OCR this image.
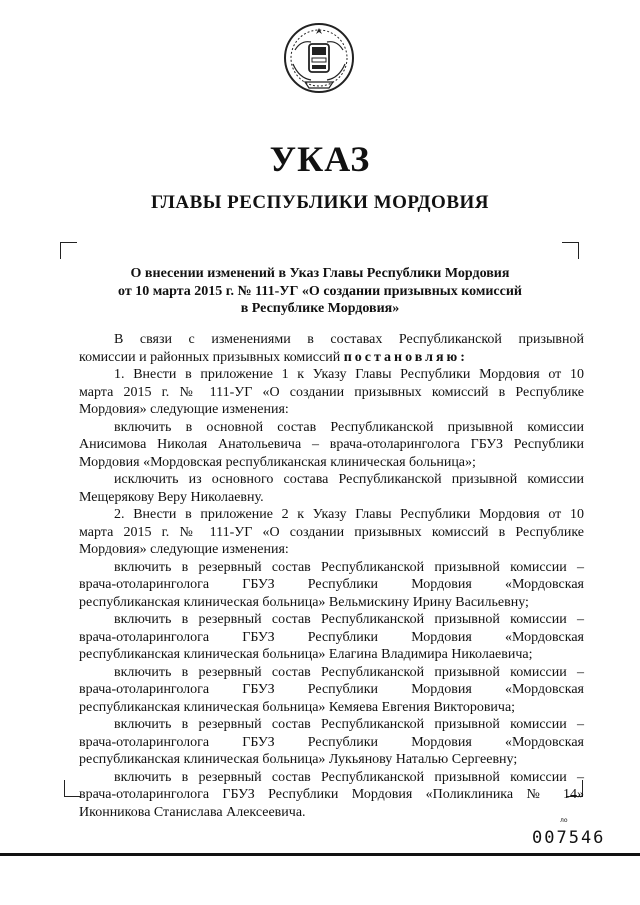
УКАЗ
ГЛАВЫ РЕСПУБЛИКИ МОРДОВИЯ
О внесении изменений в Указ Главы Республики Мордовия
от 10 марта 2015 г. № 111-УГ «О создании призывных комиссий
в Республике Мордовия»
В связи с изменениями в составах Республиканской призывной
комиссии и районных призывных комиссий постановляю:
1. Внести в приложение 1 к Указу Главы Республики Мордовия от 10
марта 2015 г. № 111-УГ «О создании призывных комиссий в Республике
Мордовия» следующие изменения:
включить в основной состав Республиканской призывной комиссии
Анисимова Николая Анатольевича – врача-отоларинголога ГБУЗ Республики
Мордовия «Мордовская республиканская клиническая больница»;
исключить из основного состава Республиканской призывной комиссии
Мещерякову Веру Николаевну.
2. Внести в приложение 2 к Указу Главы Республики Мордовия от 10
марта 2015 г. № 111-УГ «О создании призывных комиссий в Республике
Мордовия» следующие изменения:
включить в резервный состав Республиканской призывной комиссии –
врача-отоларинголога ГБУЗ Республики Мордовия «Мордовская
республиканская клиническая больница» Вельмискину Ирину Васильевну;
включить в резервный состав Республиканской призывной комиссии –
врача-отоларинголога ГБУЗ Республики Мордовия «Мордовская
республиканская клиническая больница» Елагина Владимира Николаевича;
включить в резервный состав Республиканской призывной комиссии –
врача-отоларинголога ГБУЗ Республики Мордовия «Мордовская
республиканская клиническая больница» Кемяева Евгения Викторовича;
включить в резервный состав Республиканской призывной комиссии –
врача-отоларинголога ГБУЗ Республики Мордовия «Мордовская
республиканская клиническая больница» Лукьянову Наталью Сергеевну;
включить в резервный состав Республиканской призывной комиссии –
врача-отоларинголога ГБУЗ Республики Мордовия «Поликлиника № 14»
Иконникова Станислава Алексеевича.
ло
007546
